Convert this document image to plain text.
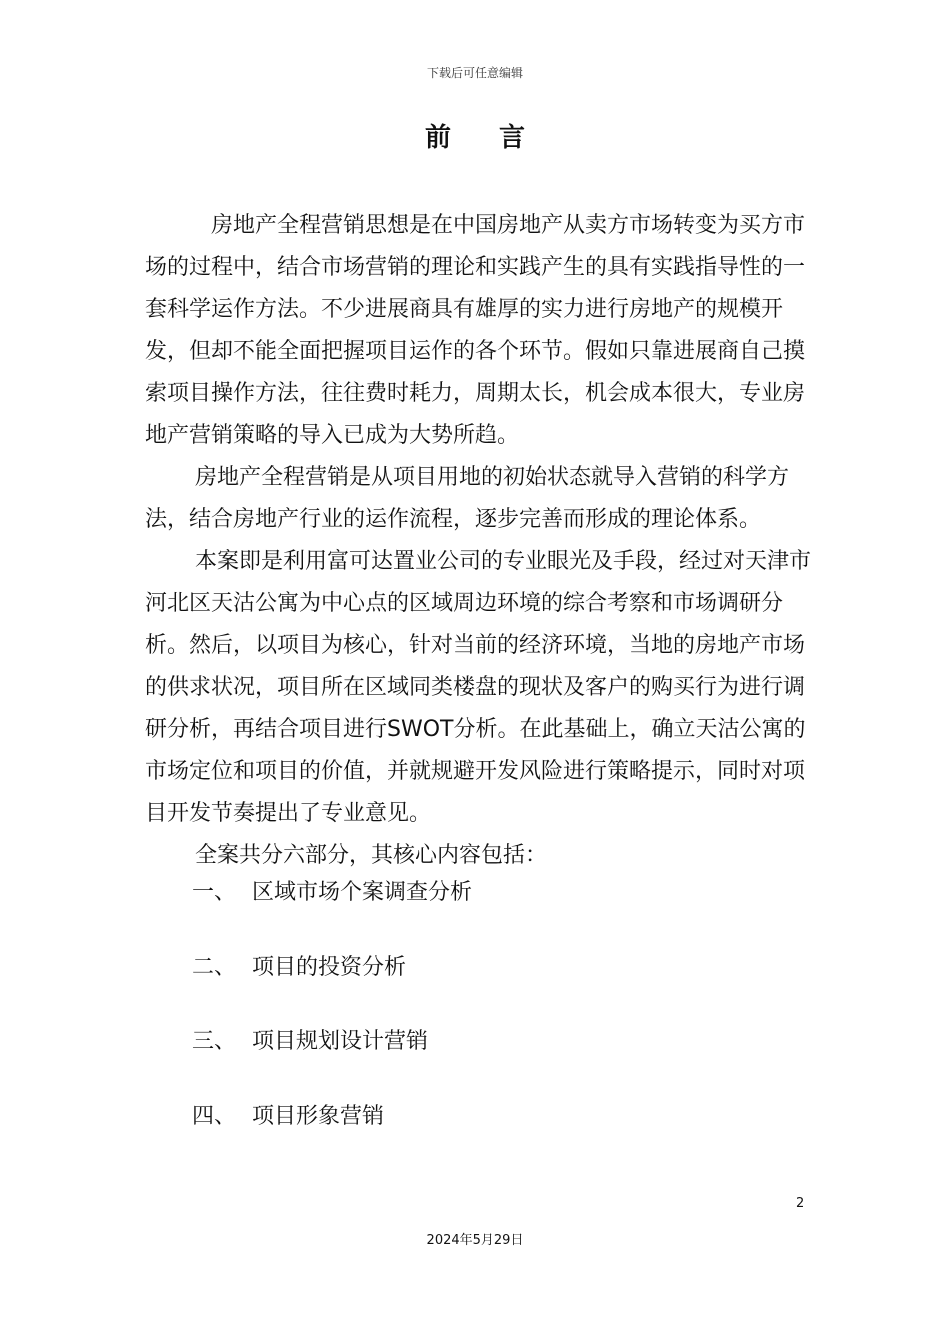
下载后可任意编辑
前 言

房地产全程营销思想是在中国房地产从卖方市场转变为买方市场的过程中，结合市场营销的理论和实践产生的具有实践指导性的一套科学运作方法。不少进展商具有雄厚的实力进行房地产的规模开发，但却不能全面把握项目运作的各个环节。假如只靠进展商自己摸索项目操作方法，往往费时耗力，周期太长，机会成本很大，专业房地产营销策略的导入已成为大势所趋。

房地产全程营销是从项目用地的初始状态就导入营销的科学方法，结合房地产行业的运作流程，逐步完善而形成的理论体系。

本案即是利用富可达置业公司的专业眼光及手段，经过对天津市河北区天沽公寓为中心点的区域周边环境的综合考察和市场调研分析。然后，以项目为核心，针对当前的经济环境，当地的房地产市场的供求状况，项目所在区域同类楼盘的现状及客户的购买行为进行调研分析，再结合项目进行SWOT分析。在此基础上，确立天沽公寓的市场定位和项目的价值，并就规避开发风险进行策略提示，同时对项目开发节奏提出了专业意见。

全案共分六部分，其核心内容包括：

一、 区域市场个案调查分析
二、 项目的投资分析
三、 项目规划设计营销
四、 项目形象营销
2
2024年5月29日
